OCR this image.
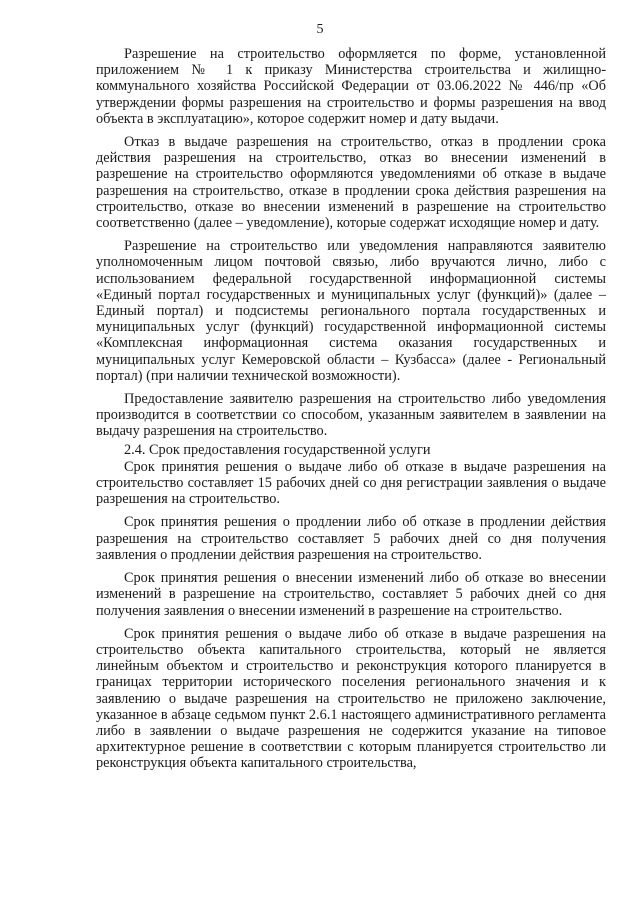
5

Разрешение на строительство оформляется по форме, установленной приложением № 1 к приказу Министерства строительства и жилищно-коммунального хозяйства Российской Федерации от 03.06.2022 № 446/пр «Об утверждении формы разрешения на строительство и формы разрешения на ввод объекта в эксплуатацию», которое содержит номер и дату выдачи.

Отказ в выдаче разрешения на строительство, отказ в продлении срока действия разрешения на строительство, отказ во внесении изменений в разрешение на строительство оформляются уведомлениями об отказе в выдаче разрешения на строительство, отказе в продлении срока действия разрешения на строительство, отказе во внесении изменений в разрешение на строительство соответственно (далее – уведомление), которые содержат исходящие номер и дату.

Разрешение на строительство или уведомления направляются заявителю уполномоченным лицом почтовой связью, либо вручаются лично, либо с использованием федеральной государственной информационной системы «Единый портал государственных и муниципальных услуг (функций)» (далее – Единый портал) и подсистемы регионального портала государственных и муниципальных услуг (функций) государственной информационной системы «Комплексная информационная система оказания государственных и муниципальных услуг Кемеровской области – Кузбасса» (далее - Региональный портал) (при наличии технической возможности).

Предоставление заявителю разрешения на строительство либо уведомления производится в соответствии со способом, указанным заявителем в заявлении на выдачу разрешения на строительство.

2.4. Срок предоставления государственной услуги

Срок принятия решения о выдаче либо об отказе в выдаче разрешения на строительство составляет 15 рабочих дней со дня регистрации заявления о выдаче разрешения на строительство.

Срок принятия решения о продлении либо об отказе в продлении действия разрешения на строительство составляет 5 рабочих дней со дня получения заявления о продлении действия разрешения на строительство.

Срок принятия решения о внесении изменений либо об отказе во внесении изменений в разрешение на строительство, составляет 5 рабочих дней со дня получения заявления о внесении изменений в разрешение на строительство.

Срок принятия решения о выдаче либо об отказе в выдаче разрешения на строительство объекта капитального строительства, который не является линейным объектом и строительство и реконструкция которого планируется в границах территории исторического поселения регионального значения и к заявлению о выдаче разрешения на строительство не приложено заключение, указанное в абзаце седьмом пункт 2.6.1 настоящего административного регламента либо в заявлении о выдаче разрешения не содержится указание на типовое архитектурное решение в соответствии с которым планируется строительство ли реконструкция объекта капитального строительства,
